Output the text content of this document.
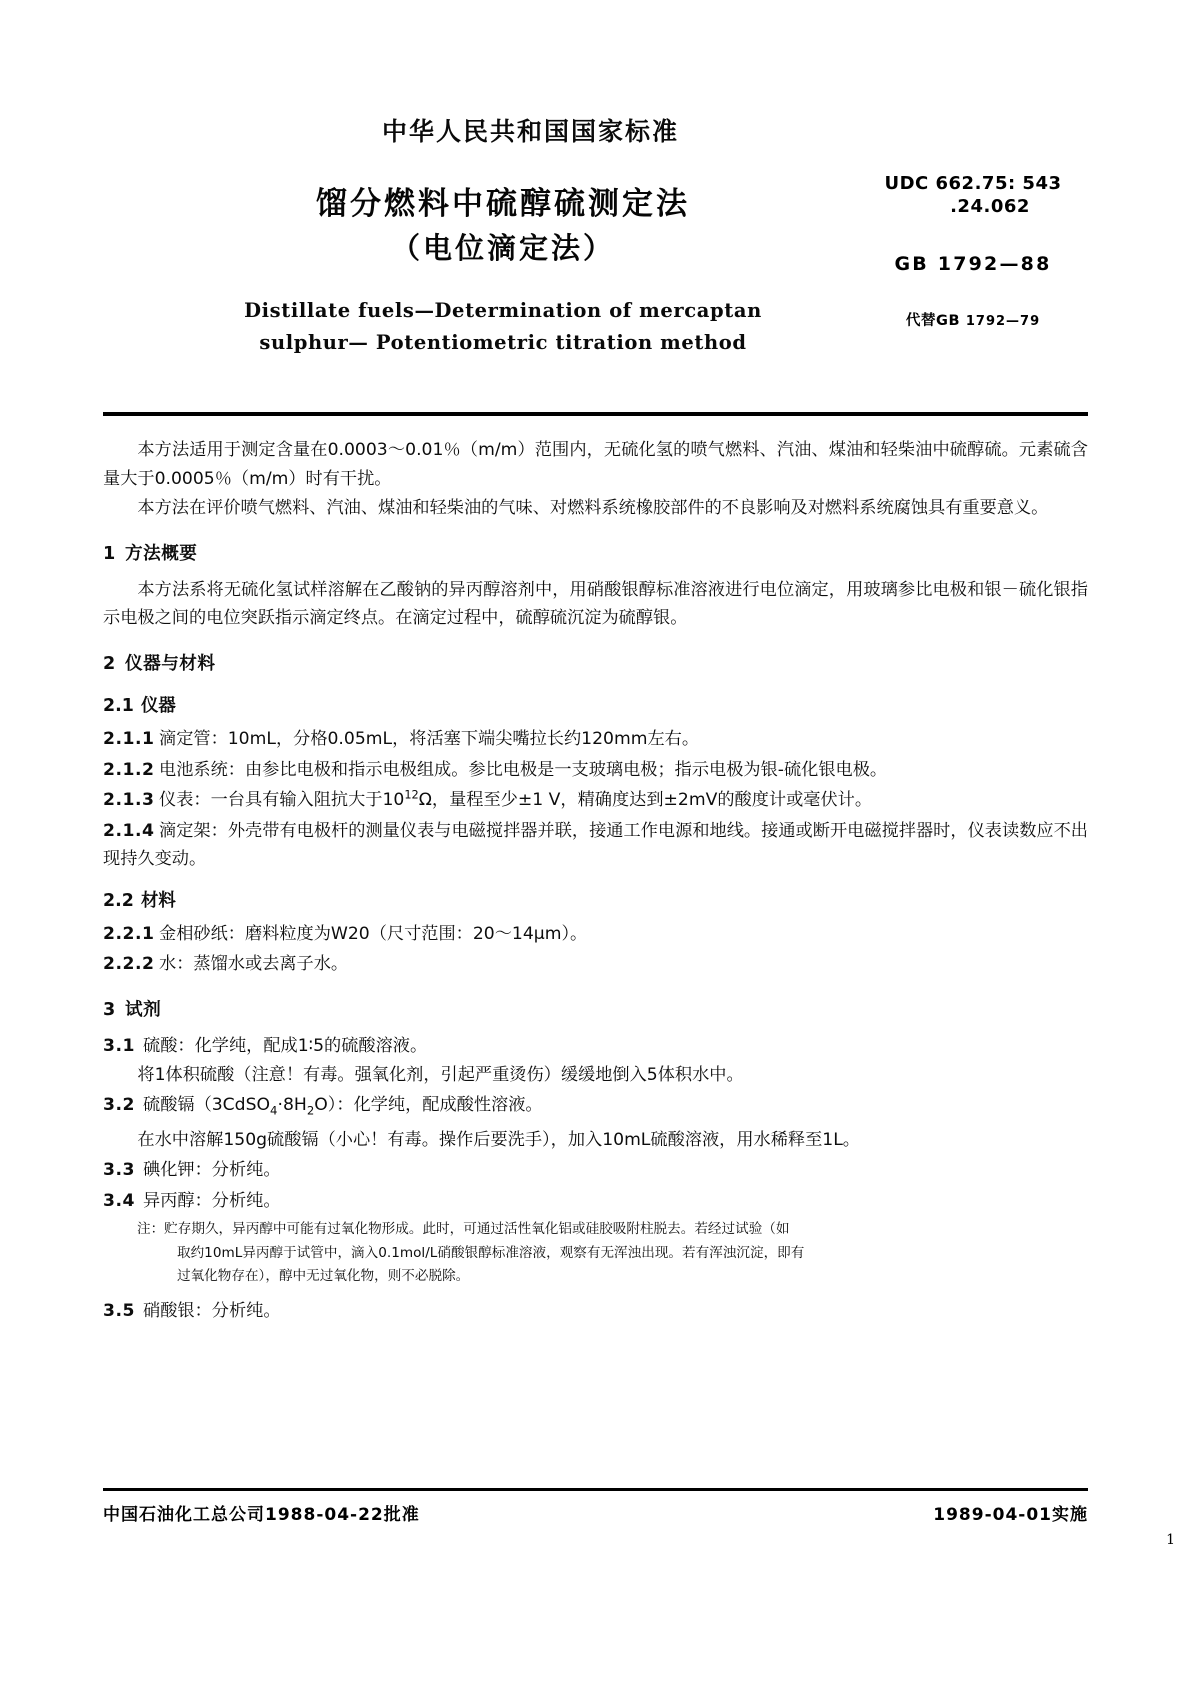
中华人民共和国国家标准
馏分燃料中硫醇硫测定法
（电位滴定法）
Distillate fuels—Determination of mercaptan
sulphur— Potentiometric titration method
UDC 662.75: 543
.24.062
GB 1792—88
代替GB 1792—79

本方法适用于测定含量在0.0003～0.01％（m/m）范围内，无硫化氢的喷气燃料、汽油、煤油和轻柴油中硫醇硫。元素硫含量大于0.0005％（m/m）时有干扰。

本方法在评价喷气燃料、汽油、煤油和轻柴油的气味、对燃料系统橡胶部件的不良影响及对燃料系统腐蚀具有重要意义。

1 方法概要

本方法系将无硫化氢试样溶解在乙酸钠的异丙醇溶剂中，用硝酸银醇标准溶液进行电位滴定，用玻璃参比电极和银－硫化银指示电极之间的电位突跃指示滴定终点。在滴定过程中，硫醇硫沉淀为硫醇银。

2 仪器与材料

2.1 仪器

2.1.1 滴定管：10mL，分格0.05mL，将活塞下端尖嘴拉长约120mm左右。

2.1.2 电池系统：由参比电极和指示电极组成。参比电极是一支玻璃电极；指示电极为银‐硫化银电极。

2.1.3 仪表：一台具有输入阻抗大于$10^{12}\Omega$，量程至少±1 V，精确度达到±2mV的酸度计或毫伏计。

2.1.4 滴定架：外壳带有电极杆的测量仪表与电磁搅拌器并联，接通工作电源和地线。接通或断开电磁搅拌器时，仪表读数应不出现持久变动。

2.2 材料

2.2.1 金相砂纸：磨料粒度为W20（尺寸范围：20～14μm）。

2.2.2 水：蒸馏水或去离子水。

3 试剂

3.1 硫酸：化学纯，配成1∶5的硫酸溶液。

将1体积硫酸（注意！有毒。强氧化剂，引起严重烫伤）缓缓地倒入5体积水中。

3.2 硫酸镉$(3CdSO_4\cdot 8H_2O)$：化学纯，配成酸性溶液。

在水中溶解150g硫酸镉（小心！有毒。操作后要洗手），加入10mL硫酸溶液，用水稀释至1L。

3.3 碘化钾：分析纯。

3.4 异丙醇：分析纯。

注：贮存期久，异丙醇中可能有过氧化物形成。此时，可通过活性氧化铝或硅胶吸附柱脱去。若经过试验（如
取约10mL异丙醇于试管中，滴入0.1mol/L硝酸银醇标准溶液，观察有无浑浊出现。若有浑浊沉淀，即有
过氧化物存在），醇中无过氧化物，则不必脱除。

3.5 硝酸银：分析纯。

中国石油化工总公司1988‐04‐22批准	1989‐04‐01实施
1
